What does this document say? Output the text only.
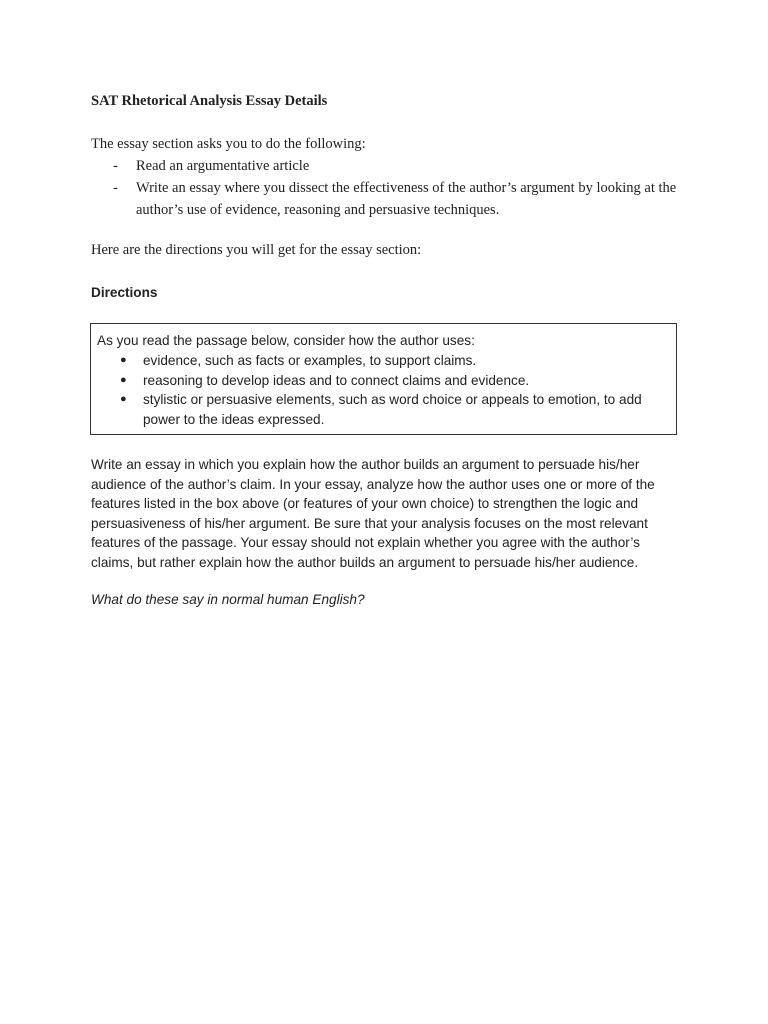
SAT Rhetorical Analysis Essay Details

The essay section asks you to do the following:

- Read an argumentative article
- Write an essay where you dissect the effectiveness of the author’s argument by looking at the author’s use of evidence, reasoning and persuasive techniques.

Here are the directions you will get for the essay section:

Directions

As you read the passage below, consider how the author uses:

● evidence, such as facts or examples, to support claims.
● reasoning to develop ideas and to connect claims and evidence.
● stylistic or persuasive elements, such as word choice or appeals to emotion, to add power to the ideas expressed.

Write an essay in which you explain how the author builds an argument to persuade his/her audience of the author’s claim. In your essay, analyze how the author uses one or more of the features listed in the box above (or features of your own choice) to strengthen the logic and persuasiveness of his/her argument. Be sure that your analysis focuses on the most relevant features of the passage. Your essay should not explain whether you agree with the author’s claims, but rather explain how the author builds an argument to persuade his/her audience.

What do these say in normal human English?
